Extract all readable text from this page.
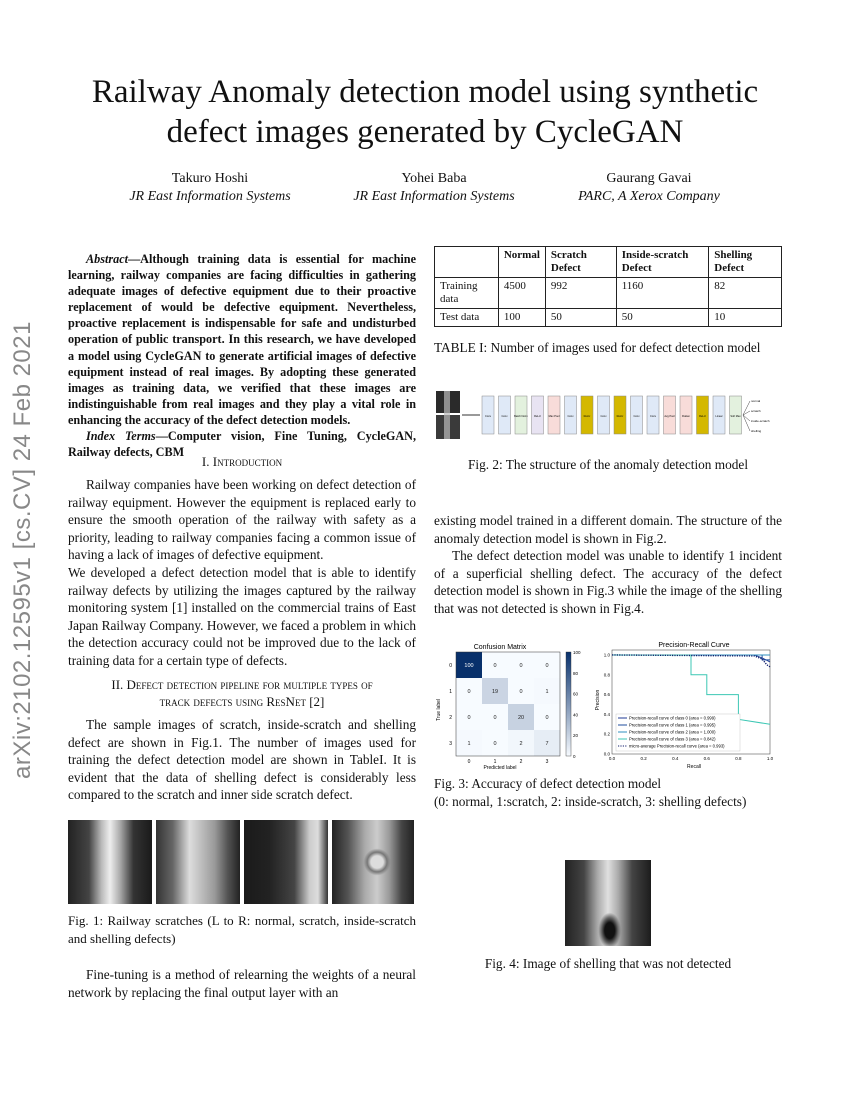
arXiv:2102.12595v1 [cs.CV] 24 Feb 2021
Railway Anomaly detection model using synthetic defect images generated by CycleGAN
Takuro Hoshi
JR East Information Systems
Yohei Baba
JR East Information Systems
Gaurang Gavai
PARC, A Xerox Company

Abstract—Although training data is essential for machine learning, railway companies are facing difficulties in gathering adequate images of defective equipment due to their proactive replacement of would be defective equipment. Nevertheless, proactive replacement is indispensable for safe and undisturbed operation of public transport. In this research, we have developed a model using CycleGAN to generate artificial images of defective equipment instead of real images. By adopting these generated images as training data, we verified that these images are indistinguishable from real images and they play a vital role in enhancing the accuracy of the defect detection models.

Index Terms—Computer vision, Fine Tuning, CycleGAN, Railway defects, CBM

I. Introduction

Railway companies have been working on defect detection of railway equipment. However the equipment is replaced early to ensure the smooth operation of the railway with safety as a priority, leading to railway companies facing a common issue of having a lack of images of defective equipment.

We developed a defect detection model that is able to identify railway defects by utilizing the images captured by the railway monitoring system [1] installed on the commercial trains of East Japan Railway Company. However, we faced a problem in which the detection accuracy could not be improved due to the lack of training data for a certain type of defects.

II. Defect detection pipeline for multiple types of
track defects using ResNet [2]

The sample images of scratch, inside-scratch and shelling defect are shown in Fig.1. The number of images used for training the defect detection model are shown in TableI. It is evident that the data of shelling defect is considerably less compared to the scratch and inner side scratch defect.

Fig. 1: Railway scratches (L to R: normal, scratch, inside-scratch and shelling defects)

Fine-tuning is a method of relearning the weights of a neural network by replacing the final output layer with an

	Normal	Scratch Defect	Inside-scratch Defect	Shelling Defect
Training data	4500	992	1160	82
Test data	100	50	50	10
TABLE I: Number of images used for defect detection model
Conv	Conv	Batch Norm ReLU	Max Pool	Conv	ReLU	Conv	ReLU	Conv	Conv	Avg Pool	Flatten	ReLU	Linear	Soft Max
normal
scratch
inside-scratch
shelling
Fig. 2: The structure of the anomaly detection model

existing model trained in a different domain. The structure of the anomaly detection model is shown in Fig.2.

The defect detection model was unable to identify 1 incident of a superficial shelling defect. The accuracy of the defect detection model is shown in Fig.3 while the image of the shelling that was not detected is shown in Fig.4.

Confusion Matrix
Predicted label
True label
100	0	0	0
0	19	0	1
0	0	20	0
1	0	2	7
0	1	2	3
0
1
2
3
100
80
60
40
20
0
Precision-Recall Curve
Recall
Precision
0.0	0.2	0.4	0.6	0.8	1.0
0.0
0.2
0.4
0.6
0.8
1.0
Precision-recall curve of class 0 (area = 0.999)
Precision-recall curve of class 1 (area = 0.995)
Precision-recall curve of class 2 (area = 1.000)
Precision-recall curve of class 3 (area = 0.842)
micro-average Precision-recall curve (area = 0.993)
Fig. 3: Accuracy of defect detection model
(0: normal, 1:scratch, 2: inside-scratch, 3: shelling defects)
Fig. 4: Image of shelling that was not detected
